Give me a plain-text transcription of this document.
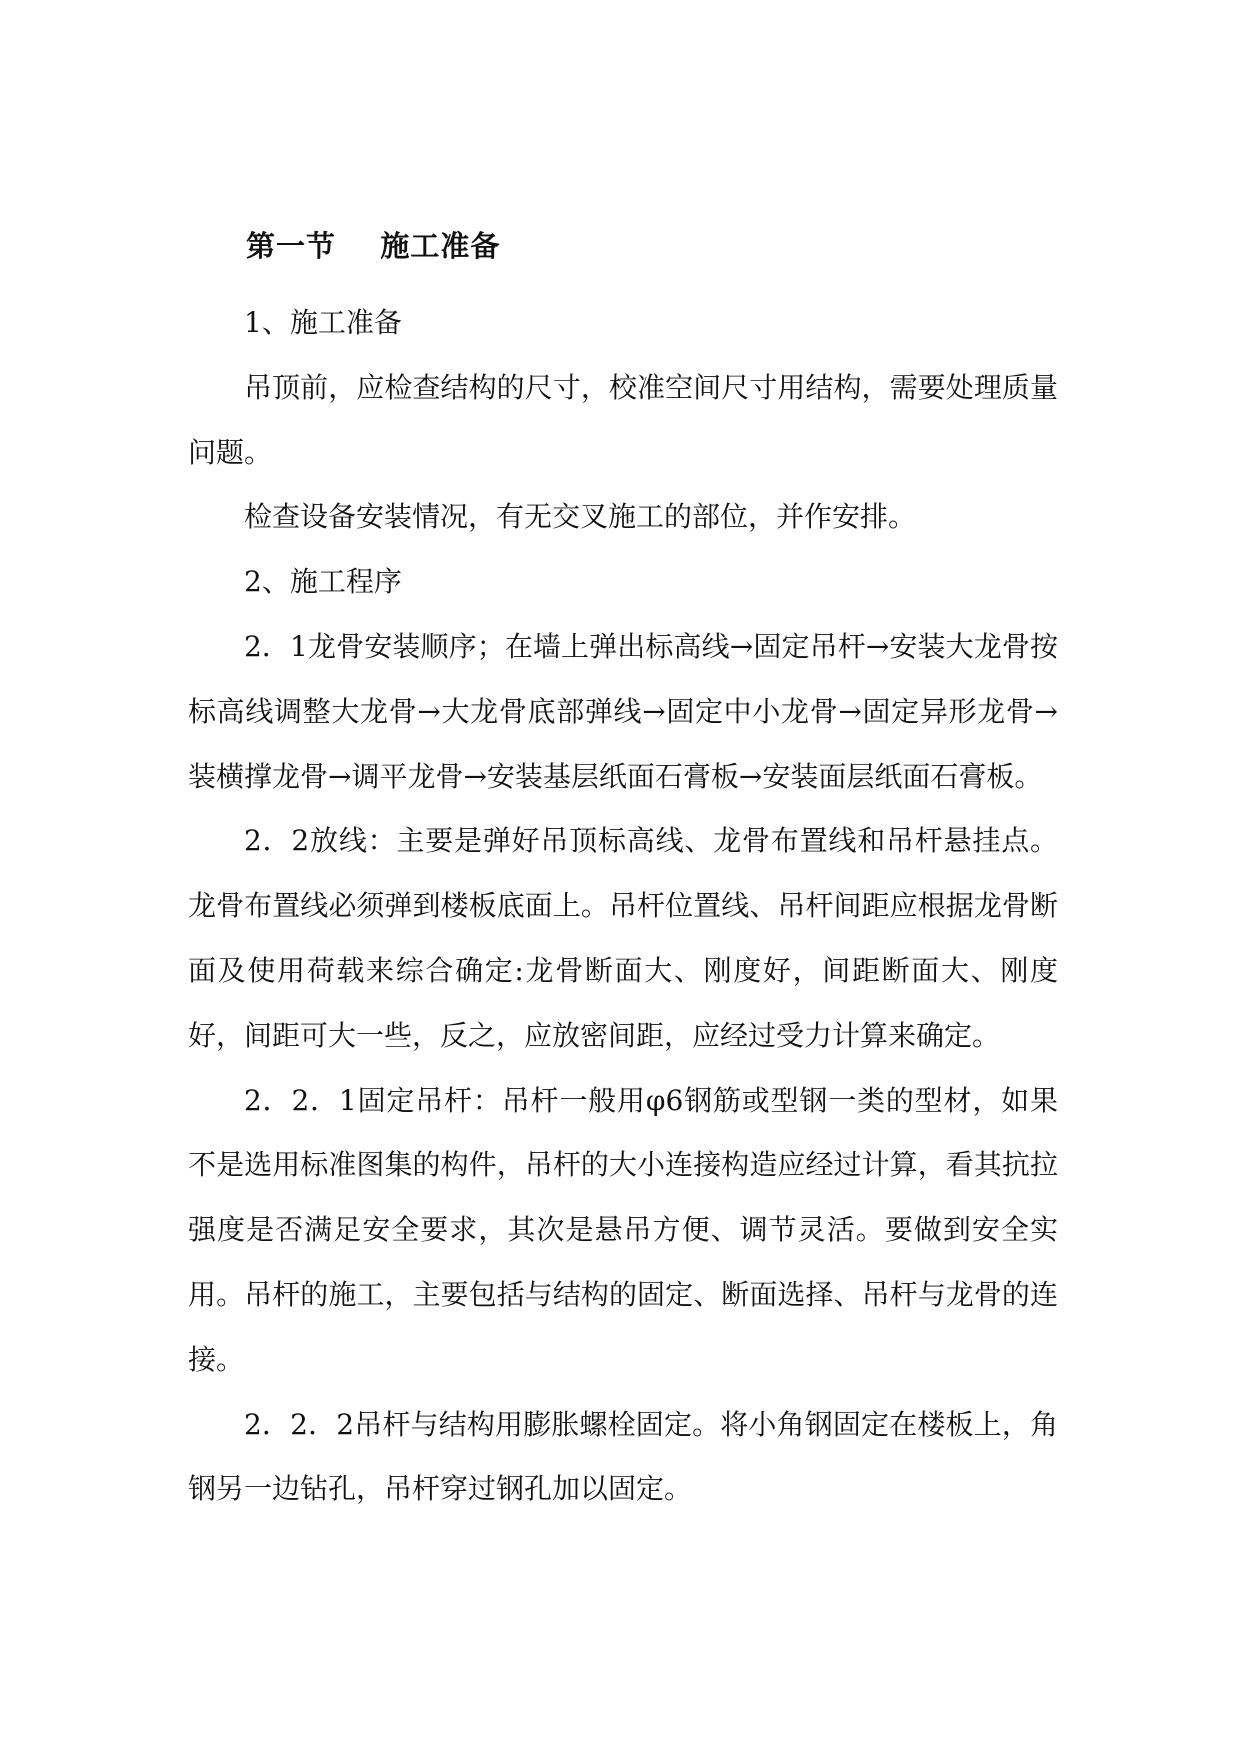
第一节    施工准备

1、施工准备

吊顶前，应检查结构的尺寸，校准空间尺寸用结构，需要处理质量问题。

检查设备安装情况，有无交叉施工的部位，并作安排。

2、施工程序

2．1龙骨安装顺序；在墙上弹出标高线→固定吊杆→安装大龙骨按标高线调整大龙骨→大龙骨底部弹线→固定中小龙骨→固定异形龙骨→装横撑龙骨→调平龙骨→安装基层纸面石膏板→安装面层纸面石膏板。

2．2放线：主要是弹好吊顶标高线、龙骨布置线和吊杆悬挂点。龙骨布置线必须弹到楼板底面上。吊杆位置线、吊杆间距应根据龙骨断面及使用荷载来综合确定:龙骨断面大、刚度好，间距断面大、刚度好，间距可大一些，反之，应放密间距，应经过受力计算来确定。

2．2．1固定吊杆：吊杆一般用φ6钢筋或型钢一类的型材，如果不是选用标准图集的构件，吊杆的大小连接构造应经过计算，看其抗拉强度是否满足安全要求，其次是悬吊方便、调节灵活。要做到安全实用。吊杆的施工，主要包括与结构的固定、断面选择、吊杆与龙骨的连接。

2．2．2吊杆与结构用膨胀螺栓固定。将小角钢固定在楼板上，角钢另一边钻孔，吊杆穿过钢孔加以固定。
